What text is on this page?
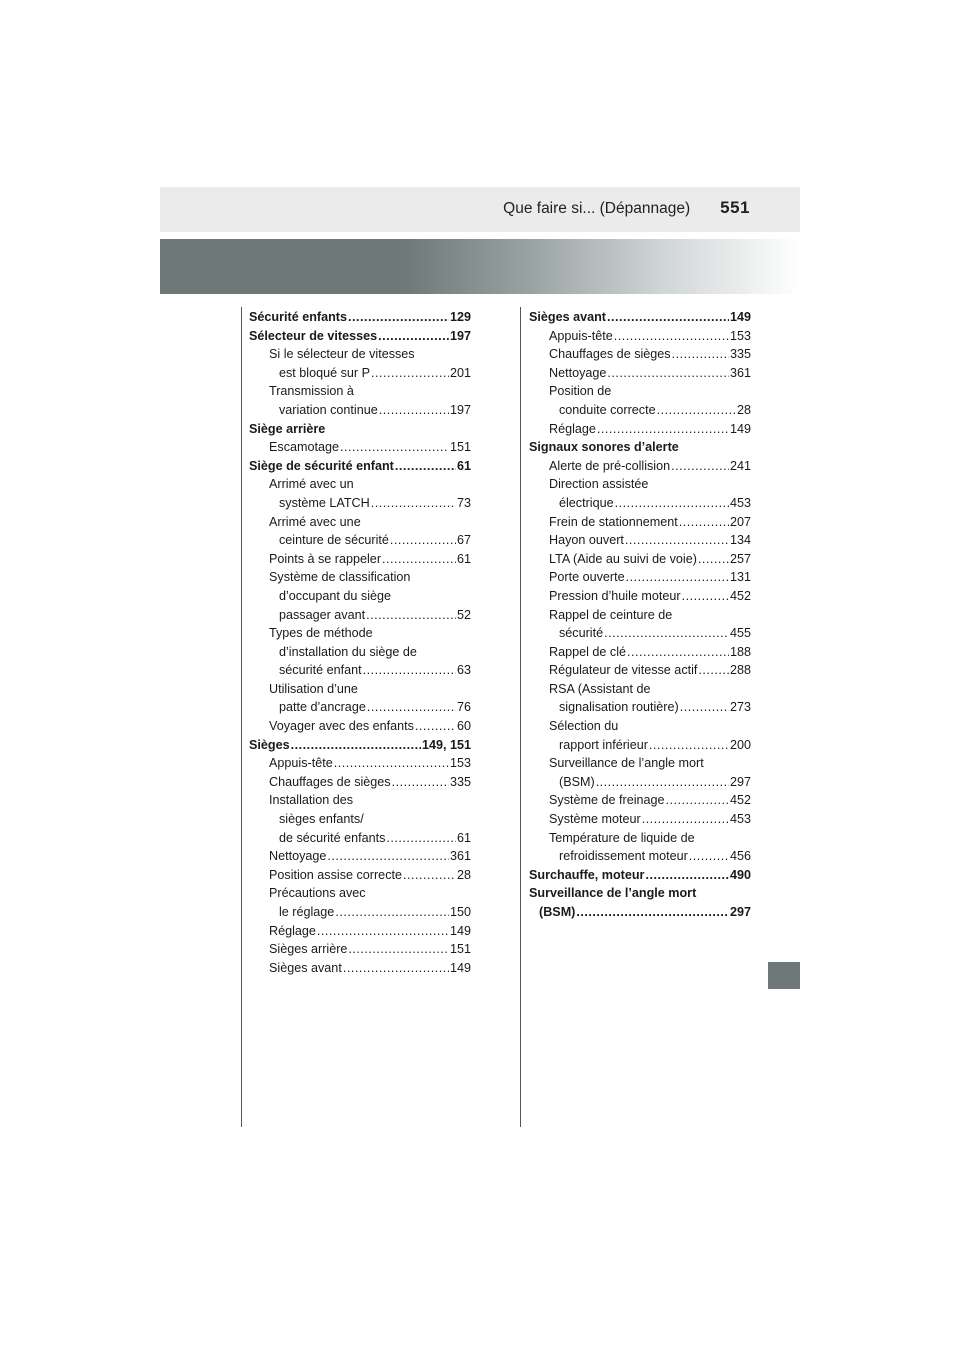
Que faire si... (Dépannage) 551
Sécurité enfants .....	129
Sélecteur de vitesses .....	197
Si le sélecteur de vitesses
est bloqué sur P .....	201
Transmission à
variation continue .....	197
Siège arrière
Escamotage .....	151
Siège de sécurité enfant .....	61
Arrimé avec un
système LATCH .....	73
Arrimé avec une
ceinture de sécurité .....	67
Points à se rappeler .....	61
Système de classification
d’occupant du siège
passager avant .....	52
Types de méthode
d’installation du siège de
sécurité enfant .....	63
Utilisation d’une
patte d’ancrage .....	76
Voyager avec des enfants .....	60
Sièges .....	149, 151
Appuis-tête .....	153
Chauffages de sièges .....	335
Installation des
sièges enfants/
de sécurité enfants .....	61
Nettoyage .....	361
Position assise correcte .....	28
Précautions avec
le réglage .....	150
Réglage .....	149
Sièges arrière .....	151
Sièges avant .....	149
Sièges avant .....	149
Appuis-tête .....	153
Chauffages de sièges .....	335
Nettoyage .....	361
Position de
conduite correcte .....	28
Réglage .....	149
Signaux sonores d’alerte
Alerte de pré-collision .....	241
Direction assistée
électrique .....	453
Frein de stationnement .....	207
Hayon ouvert .....	134
LTA (Aide au suivi de voie) .....	257
Porte ouverte .....	131
Pression d’huile moteur .....	452
Rappel de ceinture de
sécurité .....	455
Rappel de clé .....	188
Régulateur de vitesse actif .....	288
RSA (Assistant de
signalisation routière) .....	273
Sélection du
rapport inférieur .....	200
Surveillance de l’angle mort
(BSM) .....	297
Système de freinage .....	452
Système moteur .....	453
Température de liquide de
refroidissement moteur .....	456
Surchauffe, moteur .....	490
Surveillance de l’angle mort
(BSM) .....	297
